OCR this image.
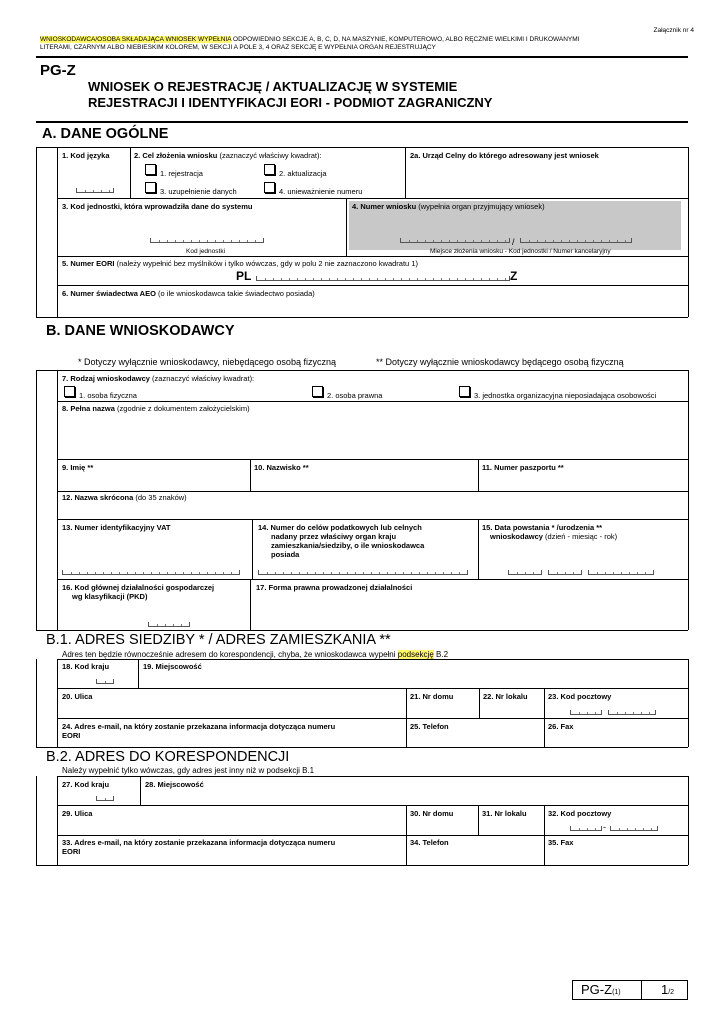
Załącznik nr 4
WNIOSKODAWCA/OSOBA SKŁADAJĄCA WNIOSEK WYPEŁNIA ODPOWIEDNIO SEKCJE A, B, C, D, NA MASZYNIE, KOMPUTEROWO, ALBO RĘCZNIE WIELKIMI I DRUKOWANYMI
LITERAMI, CZARNYM ALBO NIEBIESKIM KOLOREM, W SEKCJI A POLE 3, 4 ORAZ SEKCJĘ E WYPEŁNIA ORGAN REJESTRUJĄCY
PG-Z
WNIOSEK O REJESTRACJĘ / AKTUALIZACJĘ W SYSTEMIE
REJESTRACJI I IDENTYFIKACJI EORI - PODMIOT ZAGRANICZNY
A. DANE OGÓLNE
1. Kod języka	2. Cel złożenia wniosku (zaznaczyć właściwy kwadrat):
1. rejestracja	2. aktualizacja
3. uzupełnienie danych	4. unieważnienie numeru
2a. Urząd Celny do którego adresowany jest wniosek
3. Kod jednostki, która wprowadziła dane do systemu
Kod jednostki
4. Numer wniosku (wypełnia organ przyjmujący wniosek)
/
Miejsce złożenia wniosku - Kod jednostki / Numer kancelaryjny
5. Numer EORI (należy wypełnić bez myślników i tylko wówczas, gdy w polu 2 nie zaznaczono kwadratu 1)
PL	Z
6. Numer świadectwa AEO (o ile wnioskodawca takie świadectwo posiada)
B. DANE WNIOSKODAWCY
* Dotyczy wyłącznie wnioskodawcy, niebędącego osobą fizyczną	** Dotyczy wyłącznie wnioskodawcy będącego osobą fizyczną
7. Rodzaj wnioskodawcy (zaznaczyć właściwy kwadrat):
1. osoba fizyczna	2. osoba prawna	3. jednostka organizacyjna nieposiadająca osobowości
8. Pełna nazwa (zgodnie z dokumentem założycielskim)
9. Imię **	10. Nazwisko **	11. Numer paszportu **
12. Nazwa skrócona (do 35 znaków)
13. Numer identyfikacyjny VAT	14. Numer do celów podatkowych lub celnych
nadany przez właściwy organ kraju
zamieszkania/siedziby, o ile wnioskodawca
posiada
15. Data powstania * /urodzenia **
wnioskodawcy (dzień - miesiąc - rok)
16. Kod głównej działalności gospodarczej
wg klasyfikacji (PKD)
17. Forma prawna prowadzonej działalności
B.1. ADRES SIEDZIBY * / ADRES ZAMIESZKANIA **
Adres ten będzie równocześnie adresem do korespondencji, chyba, że wnioskodawca wypełni podsekcję B.2
18. Kod kraju	19. Miejscowość
20. Ulica	21. Nr domu	22. Nr lokalu	23. Kod pocztowy
24. Adres e-mail, na który zostanie przekazana informacja dotycząca numeru
EORI
25. Telefon	26. Fax
B.2. ADRES DO KORESPONDENCJI
Należy wypełnić tylko wówczas, gdy adres jest inny niż w podsekcji B.1
27. Kod kraju	28. Miejscowość
29. Ulica	30. Nr domu	31. Nr lokalu	32. Kod pocztowy
-
33. Adres e-mail, na który zostanie przekazana informacja dotycząca numeru
EORI
34. Telefon	35. Fax
PG-Z(1)	1/2
